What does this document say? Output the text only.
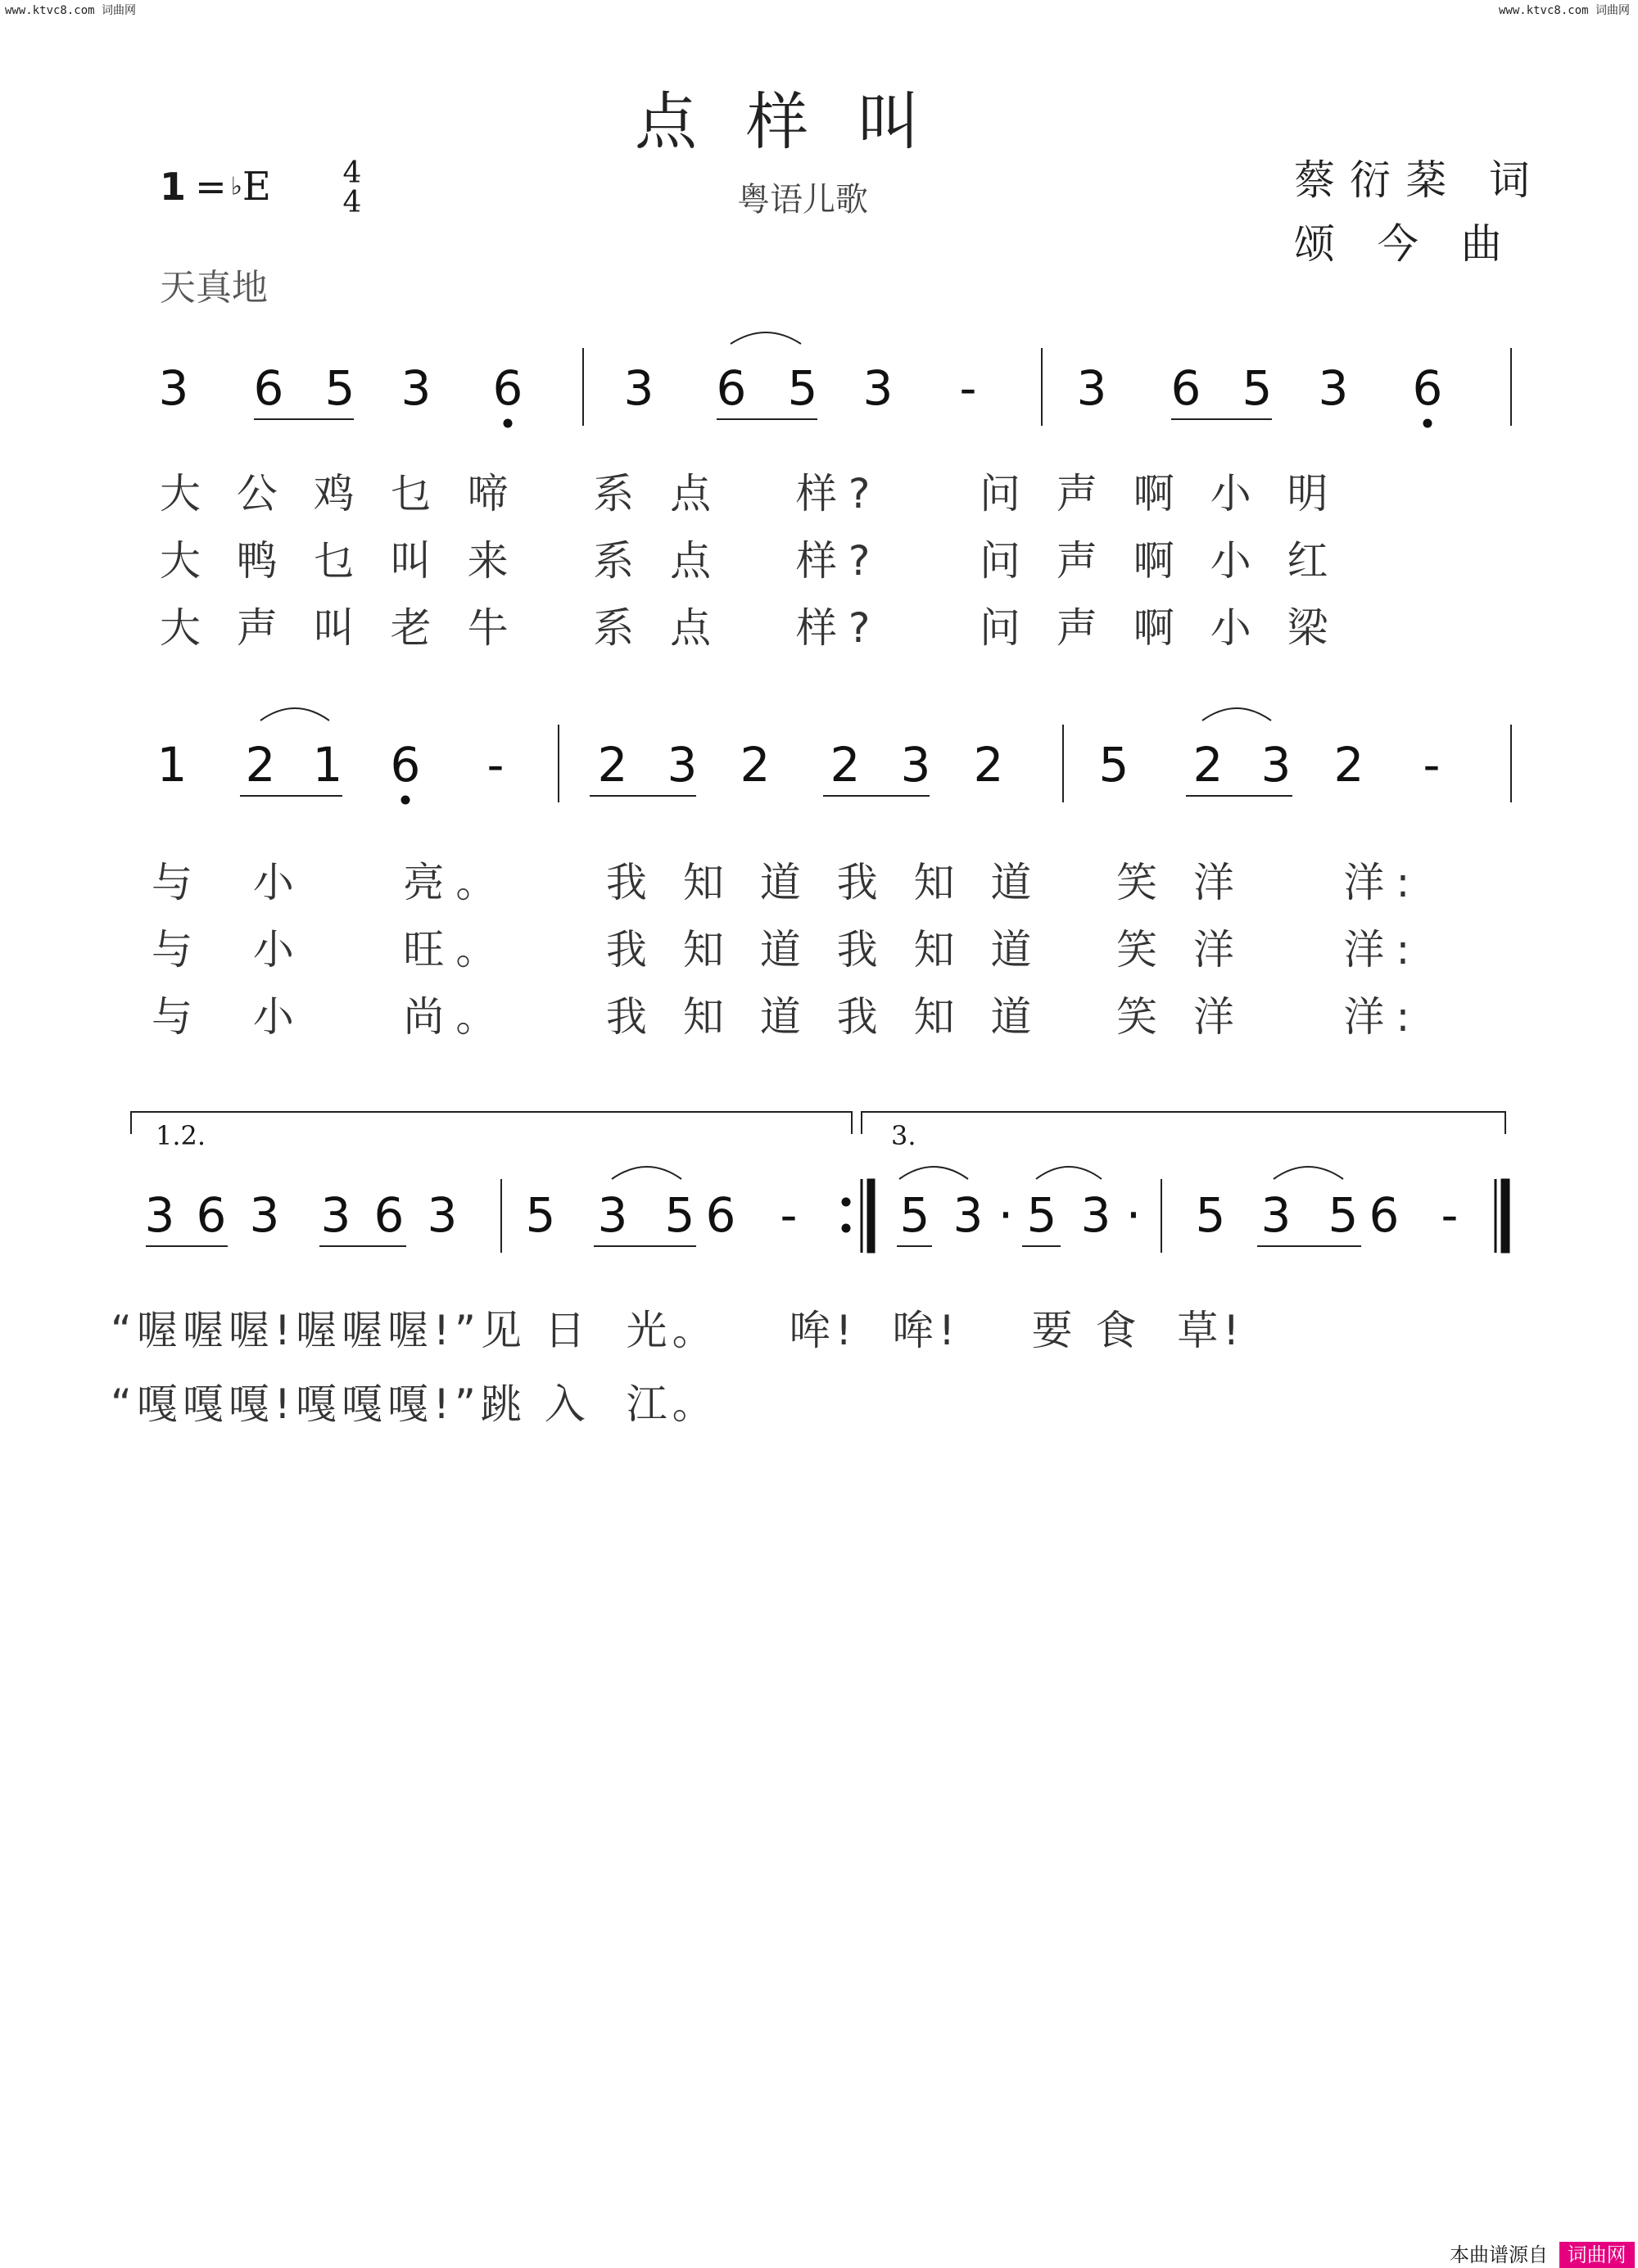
www.ktvc8.com 词曲网	www.ktvc8.com 词曲网
点样叫
粤语儿歌
1 = ♭E 4
4	蔡衍棻 词
颂 今 曲
天真地
3 6 5 3 6 3 6 5 3 - 3 6 5 3 6
大 公 鸡 乜 啼   系 点   样?    问 声 啊 小 明
大 鸭 乜 叫 来   系 点   样?    问 声 啊 小 红
大 声 叫 老 牛   系 点   样?    问 声 啊 小 梁
1 2 1 6 - 2 3 2 2 3 2 5 2 3 2 -
与  小    亮。    我 知 道 我 知 道   笑 洋    洋:
与  小    旺。    我 知 道 我 知 道   笑 洋    洋:
与  小    尚。    我 知 道 我 知 道   笑 洋    洋:
1.2.	3.
3 6 3 3 6 3 5 3 5 6 - 5 3 · 5 3 · 5 3 5 6 -
“喔喔喔!喔喔喔!”见 日  光。    哞!  哞!    要 食  草!
“嘎嘎嘎!嘎嘎嘎!”跳 入  江。
本曲谱源自 词曲网
